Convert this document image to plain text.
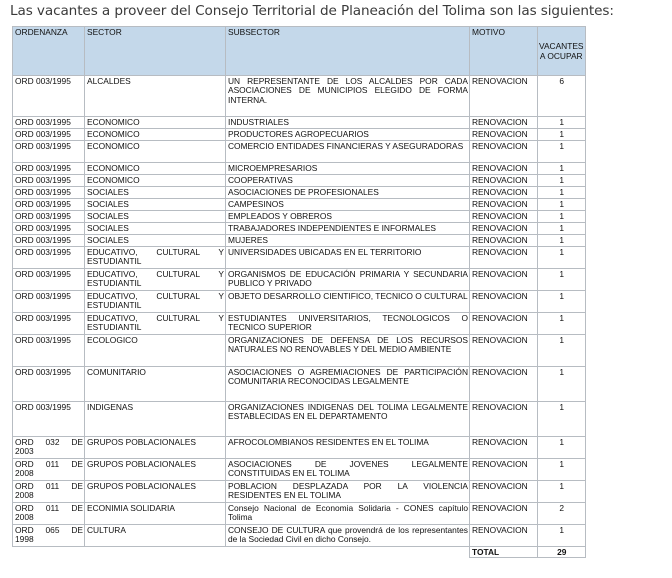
Las vacantes a proveer del Consejo Territorial de Planeación del Tolima son las siguientes:
ORDENANZA	SECTOR	SUBSECTOR	MOTIVO	VACANTES A OCUPAR
ORD 003/1995	ALCALDES	UN REPRESENTANTE DE LOS ALCALDES POR CADA ASOCIACIONES DE MUNICIPIOS ELEGIDO DE FORMA INTERNA.	RENOVACION	6
ORD 003/1995	ECONOMICO	INDUSTRIALES	RENOVACION	1
ORD 003/1995	ECONOMICO	PRODUCTORES AGROPECUARIOS	RENOVACION	1
ORD 003/1995	ECONOMICO	COMERCIO ENTIDADES FINANCIERAS Y ASEGURADORAS	RENOVACION	1
ORD 003/1995	ECONOMICO	MICROEMPRESARIOS	RENOVACION	1
ORD 003/1995	ECONOMICO	COOPERATIVAS	RENOVACION	1
ORD 003/1995	SOCIALES	ASOCIACIONES DE PROFESIONALES	RENOVACION	1
ORD 003/1995	SOCIALES	CAMPESINOS	RENOVACION	1
ORD 003/1995	SOCIALES	EMPLEADOS Y OBREROS	RENOVACION	1
ORD 003/1995	SOCIALES	TRABAJADORES INDEPENDIENTES E INFORMALES	RENOVACION	1
ORD 003/1995	SOCIALES	MUJERES	RENOVACION	1
ORD 003/1995	EDUCATIVO, CULTURAL Y ESTUDIANTIL	UNIVERSIDADES UBICADAS EN EL TERRITORIO	RENOVACION	1
ORD 003/1995	EDUCATIVO, CULTURAL Y ESTUDIANTIL	ORGANISMOS DE EDUCACIÓN PRIMARIA Y SECUNDARIA PUBLICO Y PRIVADO	RENOVACION	1
ORD 003/1995	EDUCATIVO, CULTURAL Y ESTUDIANTIL	OBJETO DESARROLLO CIENTIFICO, TECNICO O CULTURAL	RENOVACION	1
ORD 003/1995	EDUCATIVO, CULTURAL Y ESTUDIANTIL	ESTUDIANTES UNIVERSITARIOS, TECNOLOGICOS O TECNICO SUPERIOR	RENOVACION	1
ORD 003/1995	ECOLOGICO	ORGANIZACIONES DE DEFENSA DE LOS RECURSOS NATURALES NO RENOVABLES Y DEL MEDIO AMBIENTE	RENOVACION	1
ORD 003/1995	COMUNITARIO	ASOCIACIONES O AGREMIACIONES DE PARTICIPACIÓN COMUNITARIA RECONOCIDAS LEGALMENTE	RENOVACION	1
ORD 003/1995	INDIGENAS	ORGANIZACIONES INDIGENAS DEL TOLIMA LEGALMENTE ESTABLECIDAS EN EL DEPARTAMENTO	RENOVACION	1
ORD 032 DE 2003	GRUPOS POBLACIONALES	AFROCOLOMBIANOS RESIDENTES EN EL TOLIMA	RENOVACION	1
ORD 011 DE 2008	GRUPOS POBLACIONALES	ASOCIACIONES DE JOVENES LEGALMENTE CONSTITUIDAS EN EL TOLIMA	RENOVACION	1
ORD 011 DE 2008	GRUPOS POBLACIONALES	POBLACION DESPLAZADA POR LA VIOLENCIA RESIDENTES EN EL TOLIMA	RENOVACION	1
ORD 011 DE 2008	ECONIMIA SOLIDARIA	Consejo Nacional de Economia Solidaria - CONES capítulo Tolima	RENOVACION	2
ORD 065 DE 1998	CULTURA	CONSEJO DE CULTURA que provendrá de los representantes de la Sociedad Civil en dicho Consejo.	RENOVACION	1
			TOTAL	29
